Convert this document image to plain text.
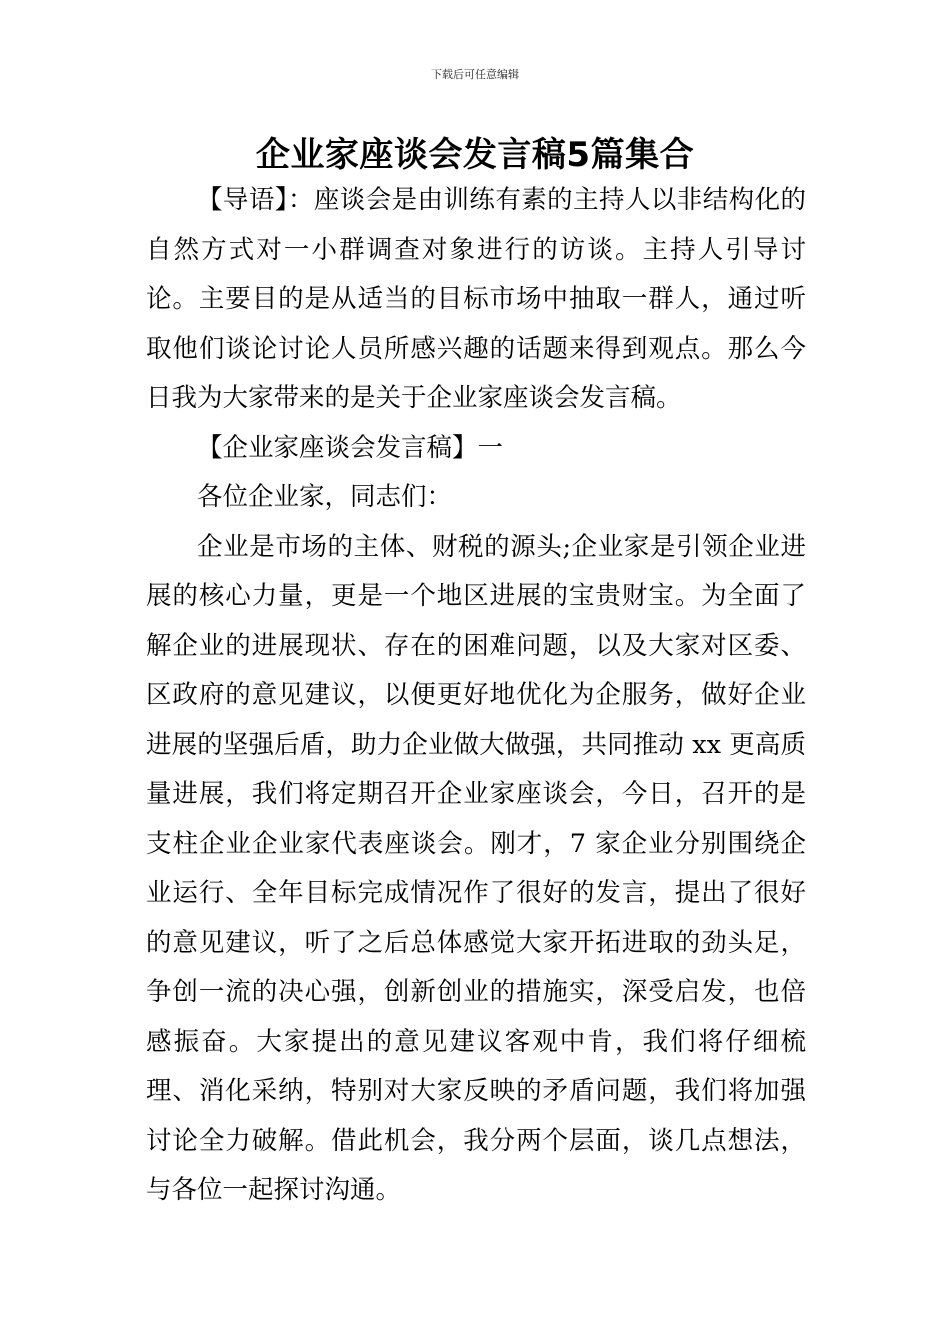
下载后可任意编辑
企业家座谈会发言稿5篇集合

【导语】：座谈会是由训练有素的主持人以非结构化的自然方式对一小群调查对象进行的访谈。主持人引导讨论。主要目的是从适当的目标市场中抽取一群人，通过听取他们谈论讨论人员所感兴趣的话题来得到观点。那么今日我为大家带来的是关于企业家座谈会发言稿。

【企业家座谈会发言稿】一

各位企业家，同志们：

企业是市场的主体、财税的源头;企业家是引领企业进展的核心力量，更是一个地区进展的宝贵财宝。为全面了解企业的进展现状、存在的困难问题，以及大家对区委、区政府的意见建议，以便更好地优化为企服务，做好企业进展的坚强后盾，助力企业做大做强，共同推动 xx 更高质量进展，我们将定期召开企业家座谈会，今日，召开的是支柱企业企业家代表座谈会。刚才，7 家企业分别围绕企业运行、全年目标完成情况作了很好的发言，提出了很好的意见建议，听了之后总体感觉大家开拓进取的劲头足，争创一流的决心强，创新创业的措施实，深受启发，也倍感振奋。大家提出的意见建议客观中肯，我们将仔细梳理、消化采纳，特别对大家反映的矛盾问题，我们将加强讨论全力破解。借此机会，我分两个层面，谈几点想法，与各位一起探讨沟通。
